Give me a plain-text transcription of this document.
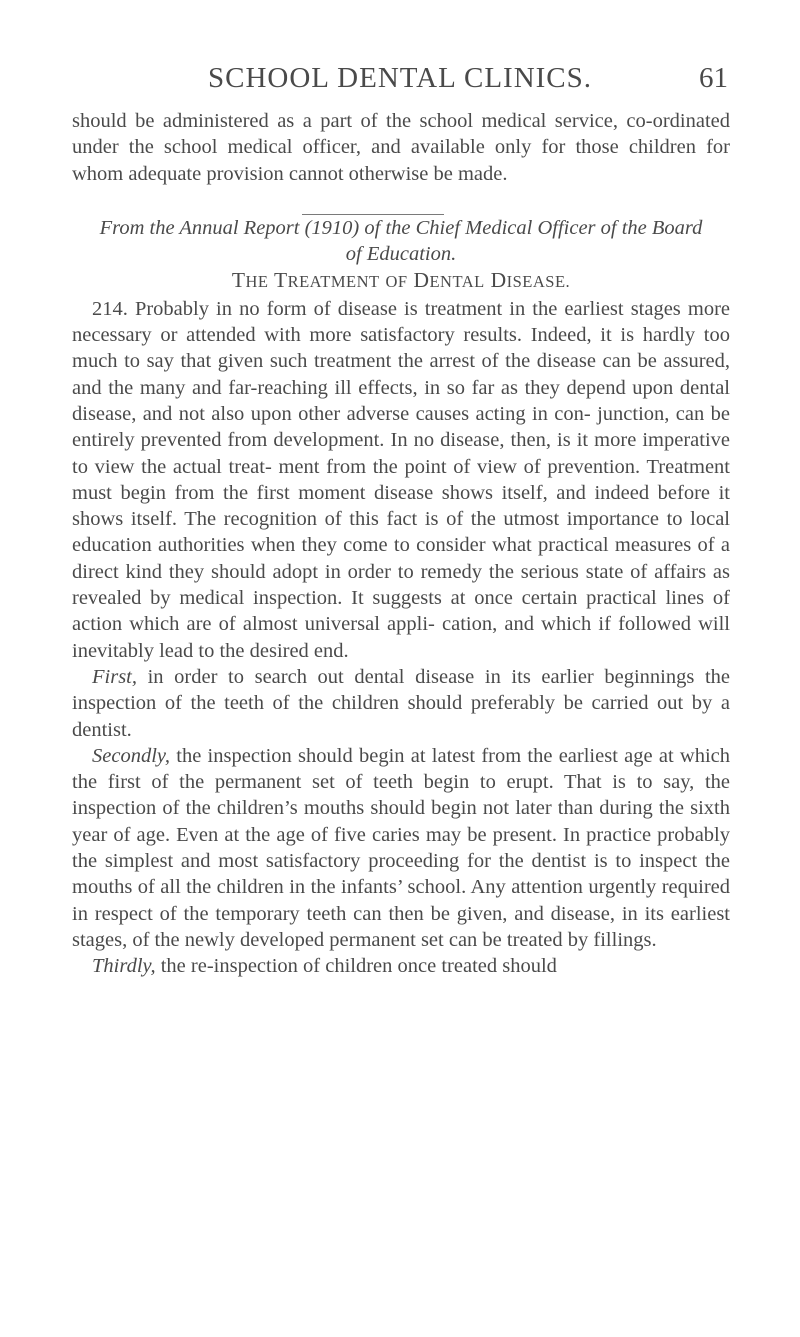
SCHOOL DENTAL CLINICS.	61

should be administered as a part of the school medical service, co-ordinated under the school medical officer, and available only for those children for whom adequate provision cannot otherwise be made.

From the Annual Report (1910) of the Chief Medical Officer of the Board of Education.

THE TREATMENT OF DENTAL DISEASE.

214. Probably in no form of disease is treatment in the earliest stages more necessary or attended with more satisfactory results. Indeed, it is hardly too much to say that given such treatment the arrest of the disease can be assured, and the many and far-reaching ill effects, in so far as they depend upon dental disease, and not also upon other adverse causes acting in con- junction, can be entirely prevented from development. In no disease, then, is it more imperative to view the actual treat- ment from the point of view of prevention. Treatment must begin from the first moment disease shows itself, and indeed before it shows itself. The recognition of this fact is of the utmost importance to local education authorities when they come to consider what practical measures of a direct kind they should adopt in order to remedy the serious state of affairs as revealed by medical inspection. It suggests at once certain practical lines of action which are of almost universal appli- cation, and which if followed will inevitably lead to the desired end.

First, in order to search out dental disease in its earlier beginnings the inspection of the teeth of the children should preferably be carried out by a dentist.

Secondly, the inspection should begin at latest from the earliest age at which the first of the permanent set of teeth begin to erupt. That is to say, the inspection of the children’s mouths should begin not later than during the sixth year of age. Even at the age of five caries may be present. In practice probably the simplest and most satisfactory proceeding for the dentist is to inspect the mouths of all the children in the infants’ school. Any attention urgently required in respect of the temporary teeth can then be given, and disease, in its earliest stages, of the newly developed permanent set can be treated by fillings.

Thirdly, the re-inspection of children once treated should
